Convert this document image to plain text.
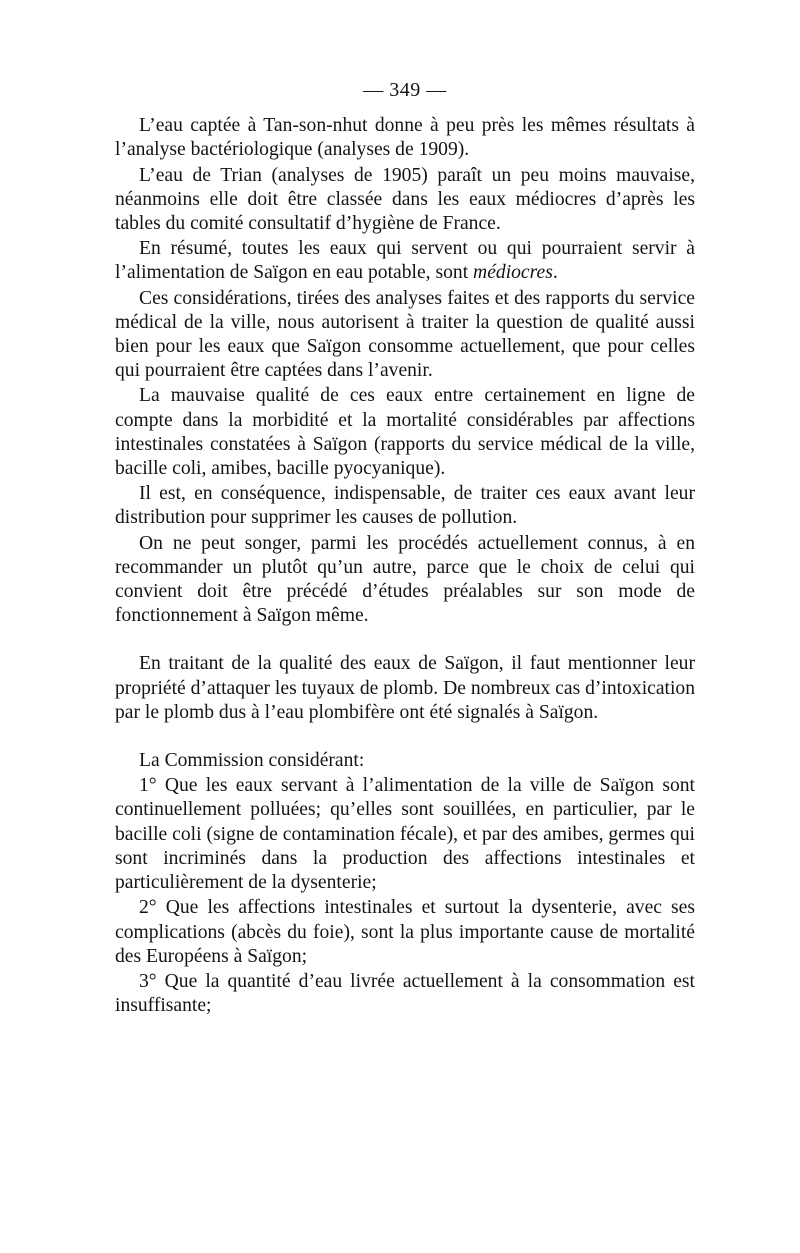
— 349 —

L’eau captée à Tan-son-nhut donne à peu près les mêmes résultats à l’analyse bactériologique (analyses de 1909).

L’eau de Trian (analyses de 1905) paraît un peu moins mauvaise, néanmoins elle doit être classée dans les eaux médiocres d’après les tables du comité consultatif d’hygiène de France.

En résumé, toutes les eaux qui servent ou qui pourraient servir à l’alimentation de Saïgon en eau potable, sont médiocres.

Ces considérations, tirées des analyses faites et des rapports du service médical de la ville, nous autorisent à traiter la question de qualité aussi bien pour les eaux que Saïgon consomme actuellement, que pour celles qui pourraient être captées dans l’avenir.

La mauvaise qualité de ces eaux entre certainement en ligne de compte dans la morbidité et la mortalité considérables par affections intestinales constatées à Saïgon (rapports du service médical de la ville, bacille coli, amibes, bacille pyocyanique).

Il est, en conséquence, indispensable, de traiter ces eaux avant leur distribution pour supprimer les causes de pollution.

On ne peut songer, parmi les procédés actuellement connus, à en recommander un plutôt qu’un autre, parce que le choix de celui qui convient doit être précédé d’études préalables sur son mode de fonctionnement à Saïgon même.

En traitant de la qualité des eaux de Saïgon, il faut mentionner leur propriété d’attaquer les tuyaux de plomb. De nombreux cas d’intoxication par le plomb dus à l’eau plombifère ont été signalés à Saïgon.

La Commission considérant:

1° Que les eaux servant à l’alimentation de la ville de Saïgon sont continuellement polluées; qu’elles sont souillées, en particulier, par le bacille coli (signe de contamination fécale), et par des amibes, germes qui sont incriminés dans la production des affections intestinales et particulièrement de la dysenterie;

2° Que les affections intestinales et surtout la dysenterie, avec ses complications (abcès du foie), sont la plus importante cause de mortalité des Européens à Saïgon;

3° Que la quantité d’eau livrée actuellement à la consommation est insuffisante;
